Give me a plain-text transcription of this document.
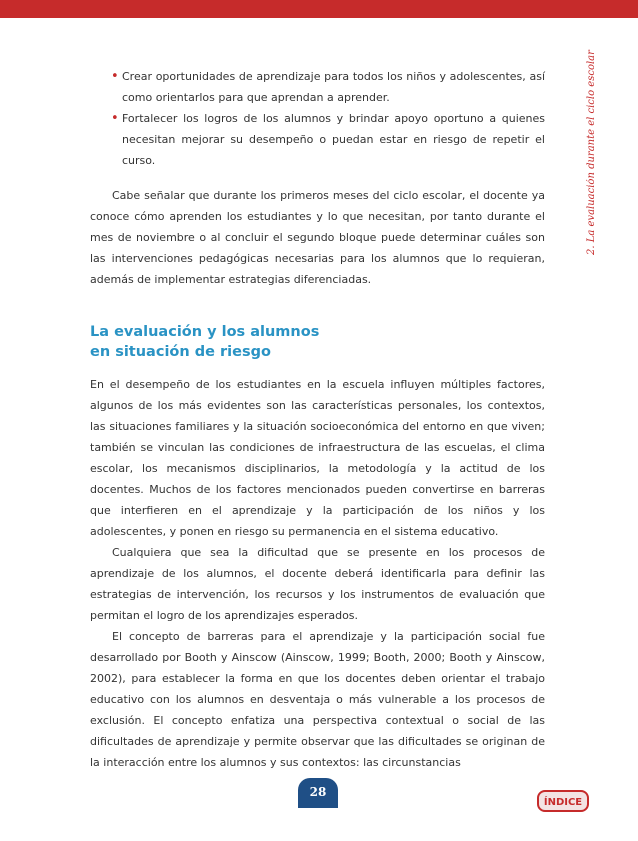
2. La evaluación durante el ciclo escolar
• Crear oportunidades de aprendizaje para todos los niños y adolescentes, así como orientarlos para que aprendan a aprender.
• Fortalecer los logros de los alumnos y brindar apoyo oportuno a quienes necesitan mejorar su desempeño o puedan estar en riesgo de repetir el curso.

Cabe señalar que durante los primeros meses del ciclo escolar, el docente ya conoce cómo aprenden los estudiantes y lo que necesitan, por tanto durante el mes de noviembre o al concluir el segundo bloque puede determinar cuáles son las intervenciones pedagógicas necesarias para los alumnos que lo requieran, además de implementar estrategias diferenciadas.

La evaluación y los alumnos
en situación de riesgo

En el desempeño de los estudiantes en la escuela influyen múltiples factores, algunos de los más evidentes son las características personales, los contextos, las situaciones familiares y la situación socioeconómica del entorno en que viven; también se vinculan las condiciones de infraestructura de las escuelas, el clima escolar, los mecanismos disciplinarios, la metodología y la actitud de los docentes. Muchos de los factores mencionados pueden convertirse en barreras que interfieren en el aprendizaje y la participación de los niños y los adolescentes, y ponen en riesgo su permanencia en el sistema educativo.

Cualquiera que sea la dificultad que se presente en los procesos de aprendizaje de los alumnos, el docente deberá identificarla para definir las estrategias de intervención, los recursos y los instrumentos de evaluación que permitan el logro de los aprendizajes esperados.

El concepto de barreras para el aprendizaje y la participación social fue desarrollado por Booth y Ainscow (Ainscow, 1999; Booth, 2000; Booth y Ainscow, 2002), para establecer la forma en que los docentes deben orientar el trabajo educativo con los alumnos en desventaja o más vulnerable a los procesos de exclusión. El concepto enfatiza una perspectiva contextual o social de las dificultades de aprendizaje y permite observar que las dificultades se originan de la interacción entre los alumnos y sus contextos: las circunstancias

28
ÍNDICE
